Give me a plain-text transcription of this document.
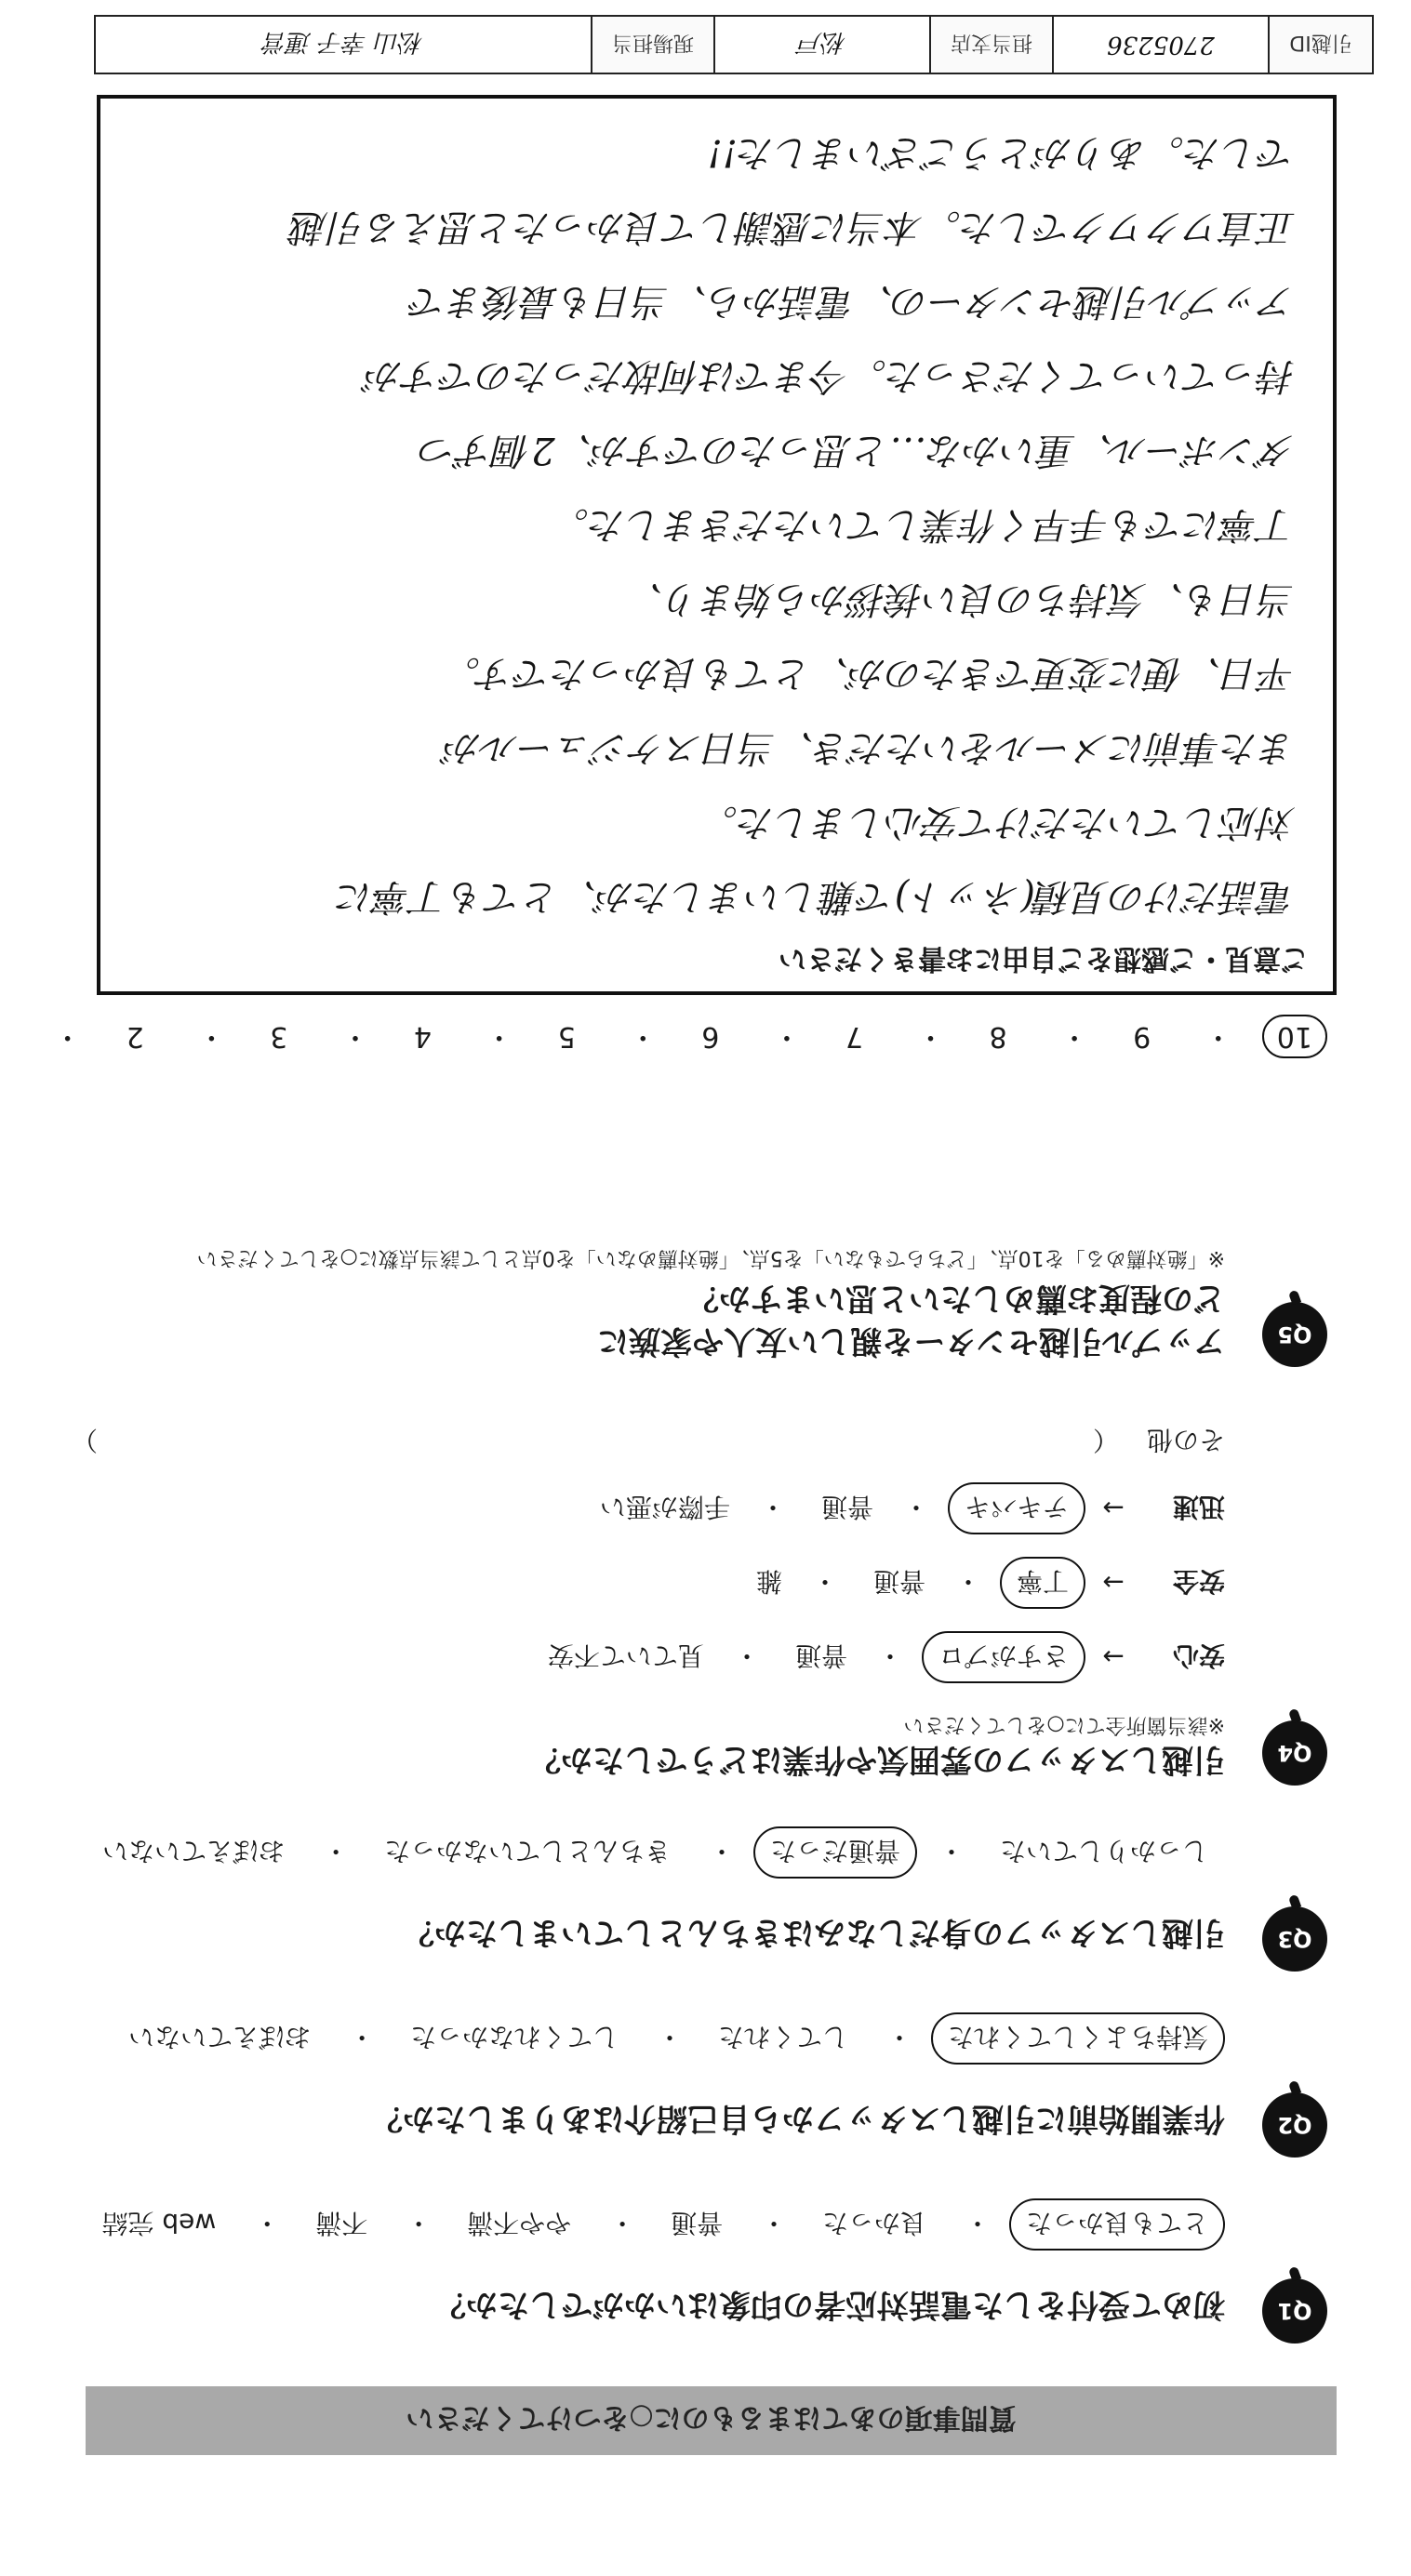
質問事項のあてはまるものに○をつけてください
Q1
初めて受付をした電話対応者の印象はいかがでしたか？
とても良かった・ 良かった・ 普通・ やや不満・ 不満・ web 完結
Q2
作業開始前に引越しスタッフから自己紹介はありましたか？
気持ちよくしてくれた・ してくれた・ してくれなかった・ おぼえていない
Q3
引越しスタッフの身だしなみはきちんとしていましたか？
しっかりしていた・ 普通だった・ きちんとしていなかった・ おぼえていない
Q4
引越しスタッフの雰囲気や作業はどうでしたか？
※該当箇所全てに○をしてください
安心
→
さすがプロ
・
普通
・
見ていて不安
安全
→
丁寧
・
普通
・
雑
迅速
→
テキパキ
・
普通
・
手際が悪い
その他
（
）
Q5
アップル引越センターを親しい友人や家族に
どの程度お薦めしたいと思いますか？
※「絶対薦める」を10点、「どちらでもない」を5点、「絶対薦めない」を0点として該当点数に○をしてください
10・ 9・ 8・ 7・ 6・ 5・ 4・ 3・ 2・
ご意見・ご感想をご自由にお書きください
電話だけの見積(ネット)で難しいましたが、とても丁寧に
対応していただけて安心しました。
また事前にメールをいただき、当日スケジュールが
平日、便に変更できたのが、とても良かったです。
当日も、気持ちの良い挨拶から始まり、
丁寧にでも手早く作業していただきました。
ダンボール、重いかな…と思ったのですが、2個ずつ
持っていってくださった。今までは何故だったのですが
アップル引越センターの、電話から、当日も最後まで
正直ワクワクでした。本当に感謝して良かったと思える引越
でした。ありがとうございました!!
引越ID
2705236
担当支店
松戸
現場担当
松山 幸子 運営
